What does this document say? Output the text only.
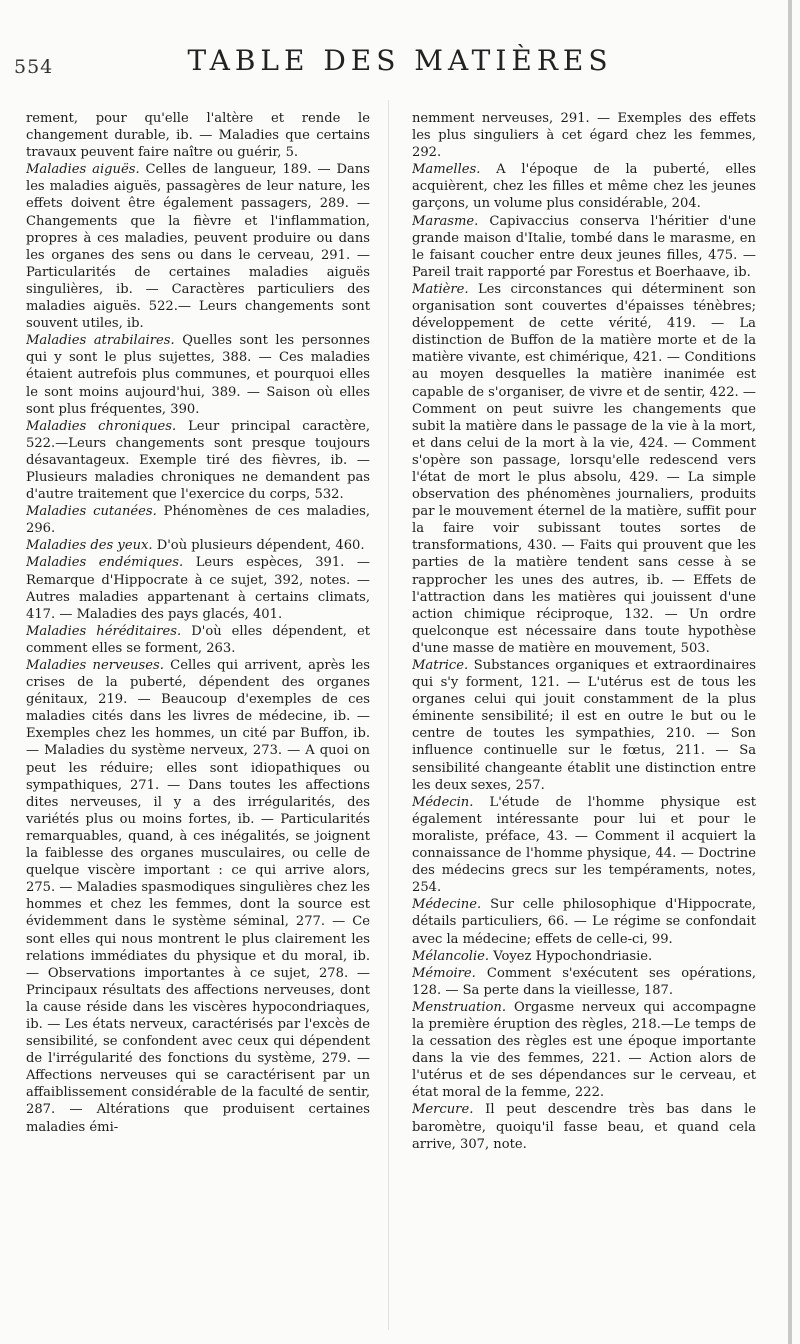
554	TABLE DES MATIÈRES
rement, pour qu'elle l'altère et rende le changement durable, ib. — Maladies que certains travaux peuvent faire naître ou guérir, 5.
Maladies aiguës. Celles de langueur, 189. — Dans les maladies aiguës, passagères de leur nature, les effets doivent être également passagers, 289. — Changements que la fièvre et l'inflammation, propres à ces maladies, peuvent produire ou dans les organes des sens ou dans le cerveau, 291. — Particularités de certaines maladies aiguës singulières, ib. — Caractères particuliers des maladies aiguës. 522.— Leurs changements sont souvent utiles, ib.
Maladies atrabilaires. Quelles sont les personnes qui y sont le plus sujettes, 388. — Ces maladies étaient autrefois plus communes, et pourquoi elles le sont moins aujourd'hui, 389. — Saison où elles sont plus fréquentes, 390.
Maladies chroniques. Leur principal caractère, 522.—Leurs changements sont presque toujours désavantageux. Exemple tiré des fièvres, ib. — Plusieurs maladies chroniques ne demandent pas d'autre traitement que l'exercice du corps, 532.
Maladies cutanées. Phénomènes de ces maladies, 296.
Maladies des yeux. D'où plusieurs dépendent, 460.
Maladies endémiques. Leurs espèces, 391. — Remarque d'Hippocrate à ce sujet, 392, notes. — Autres maladies appartenant à certains climats, 417. — Maladies des pays glacés, 401.
Maladies héréditaires. D'où elles dépendent, et comment elles se forment, 263.
Maladies nerveuses. Celles qui arrivent, après les crises de la puberté, dépendent des organes génitaux, 219. — Beaucoup d'exemples de ces maladies cités dans les livres de médecine, ib. — Exemples chez les hommes, un cité par Buffon, ib. — Maladies du système nerveux, 273. — A quoi on peut les réduire; elles sont idiopathiques ou sympathiques, 271. — Dans toutes les affections dites nerveuses, il y a des irrégularités, des variétés plus ou moins fortes, ib. — Particularités remarquables, quand, à ces inégalités, se joignent la faiblesse des organes musculaires, ou celle de quelque viscère important : ce qui arrive alors, 275. — Maladies spasmodiques singulières chez les hommes et chez les femmes, dont la source est évidemment dans le système séminal, 277. — Ce sont elles qui nous montrent le plus clairement les relations immédiates du physique et du moral, ib. — Observations importantes à ce sujet, 278. — Principaux résultats des affections nerveuses, dont la cause réside dans les viscères hypocondriaques, ib. — Les états nerveux, caractérisés par l'excès de sensibilité, se confondent avec ceux qui dépendent de l'irrégularité des fonctions du système, 279. — Affections nerveuses qui se caractérisent par un affaiblissement considérable de la faculté de sentir, 287. — Altérations que produisent certaines maladies émi-
nemment nerveuses, 291. — Exemples des effets les plus singuliers à cet égard chez les femmes, 292.
Mamelles. A l'époque de la puberté, elles acquièrent, chez les filles et même chez les jeunes garçons, un volume plus considérable, 204.
Marasme. Capivaccius conserva l'héritier d'une grande maison d'Italie, tombé dans le marasme, en le faisant coucher entre deux jeunes filles, 475. — Pareil trait rapporté par Forestus et Boerhaave, ib.
Matière. Les circonstances qui déterminent son organisation sont couvertes d'épaisses ténèbres; développement de cette vérité, 419. — La distinction de Buffon de la matière morte et de la matière vivante, est chimérique, 421. — Conditions au moyen desquelles la matière inanimée est capable de s'organiser, de vivre et de sentir, 422. — Comment on peut suivre les changements que subit la matière dans le passage de la vie à la mort, et dans celui de la mort à la vie, 424. — Comment s'opère son passage, lorsqu'elle redescend vers l'état de mort le plus absolu, 429. — La simple observation des phénomènes journaliers, produits par le mouvement éternel de la matière, suffit pour la faire voir subissant toutes sortes de transformations, 430. — Faits qui prouvent que les parties de la matière tendent sans cesse à se rapprocher les unes des autres, ib. — Effets de l'attraction dans les matières qui jouissent d'une action chimique réciproque, 132. — Un ordre quelconque est nécessaire dans toute hypothèse d'une masse de matière en mouvement, 503.
Matrice. Substances organiques et extraordinaires qui s'y forment, 121. — L'utérus est de tous les organes celui qui jouit constamment de la plus éminente sensibilité; il est en outre le but ou le centre de toutes les sympathies, 210. — Son influence continuelle sur le fœtus, 211. — Sa sensibilité changeante établit une distinction entre les deux sexes, 257.
Médecin. L'étude de l'homme physique est également intéressante pour lui et pour le moraliste, préface, 43. — Comment il acquiert la connaissance de l'homme physique, 44. — Doctrine des médecins grecs sur les tempéraments, notes, 254.
Médecine. Sur celle philosophique d'Hippocrate, détails particuliers, 66. — Le régime se confondait avec la médecine; effets de celle-ci, 99.
Mélancolie. Voyez Hypochondriasie.
Mémoire. Comment s'exécutent ses opérations, 128. — Sa perte dans la vieillesse, 187.
Menstruation. Orgasme nerveux qui accompagne la première éruption des règles, 218.—Le temps de la cessation des règles est une époque importante dans la vie des femmes, 221. — Action alors de l'utérus et de ses dépendances sur le cerveau, et état moral de la femme, 222.
Mercure. Il peut descendre très bas dans le baromètre, quoiqu'il fasse beau, et quand cela arrive, 307, note.
